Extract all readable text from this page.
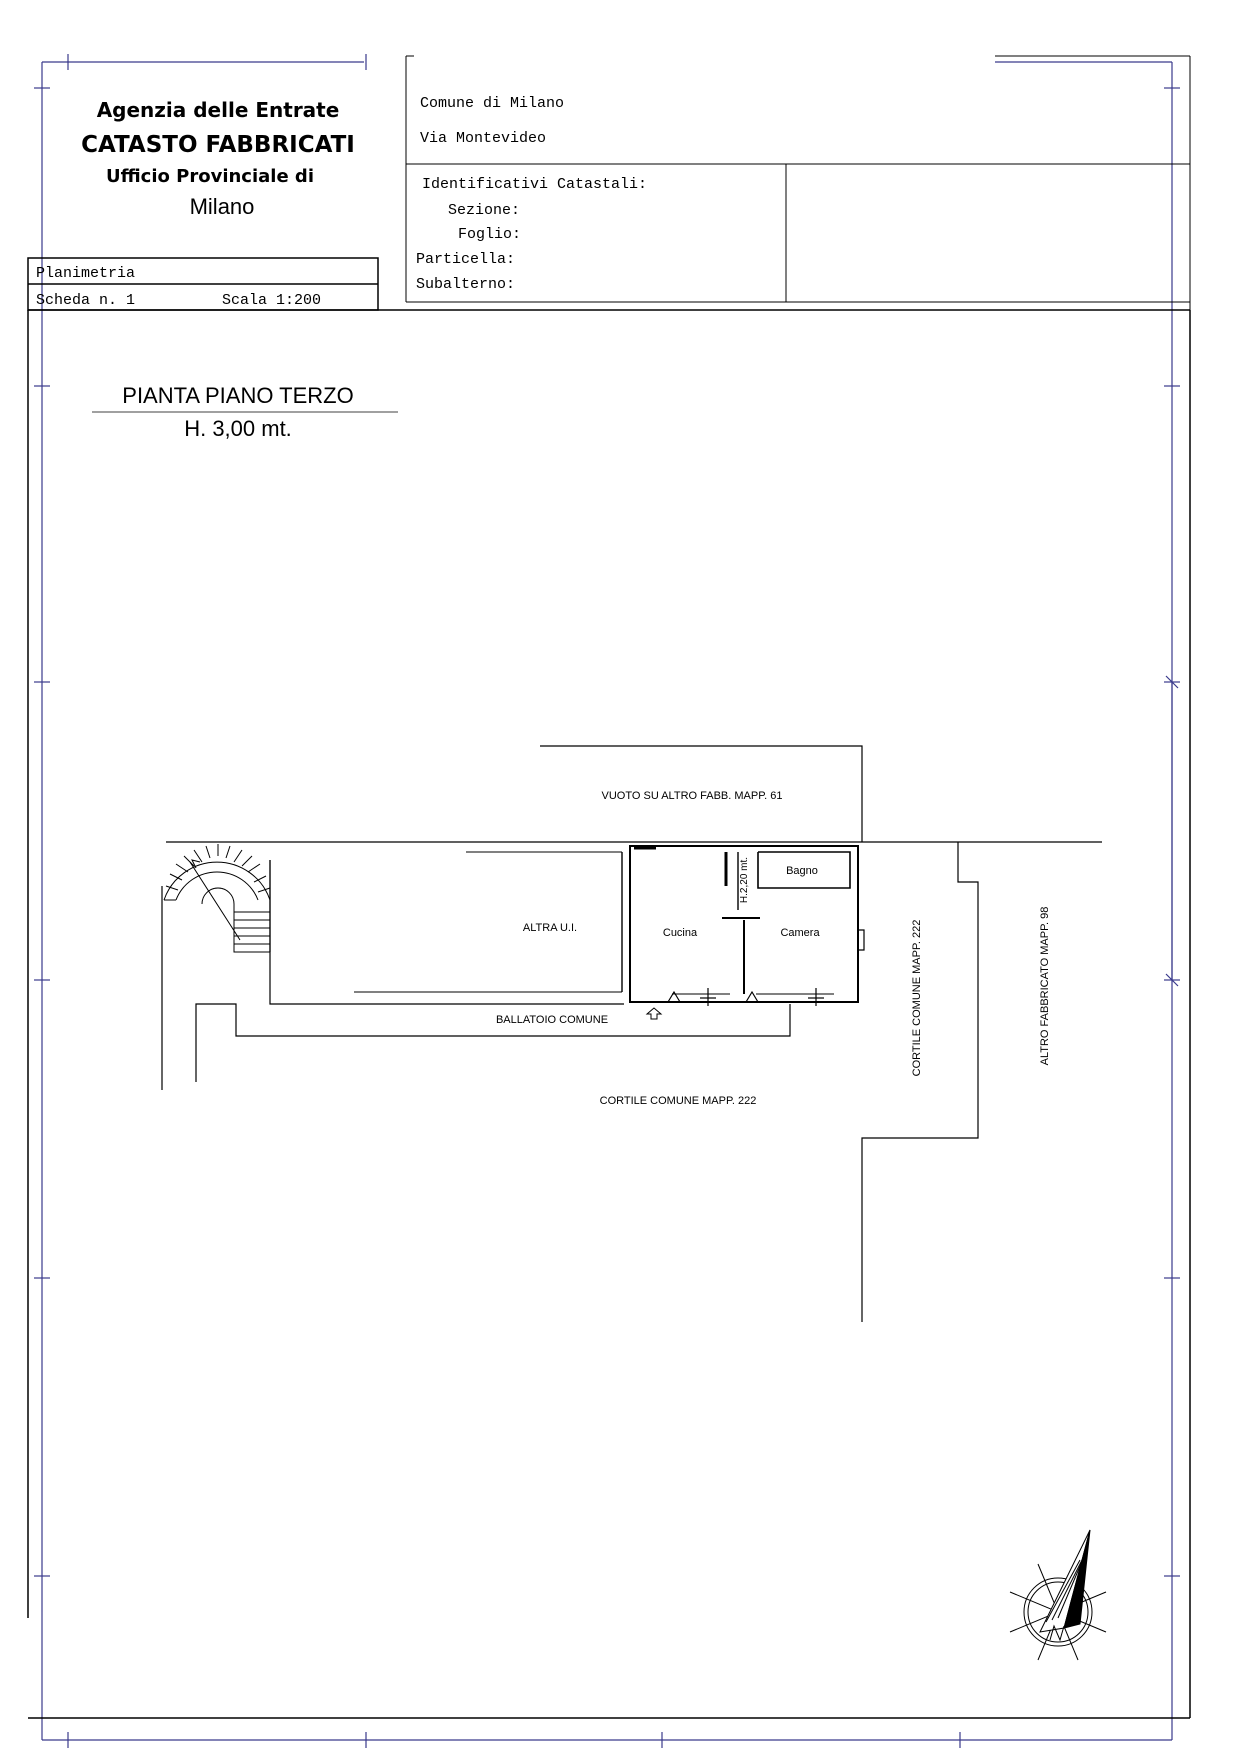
Agenzia delle Entrate
CATASTO FABBRICATI
Ufficio Provinciale di
Milano
Planimetria
Scheda n. 1	Scala 1:200
Comune di Milano
Via Montevideo
Identificativi Catastali:
Sezione:
Foglio:
Particella:
Subalterno:
PIANTA PIANO TERZO
H. 3,00 mt.
VUOTO SU ALTRO FABB. MAPP. 61
ALTRA U.I.	Cucina	Camera
Bagno
H.2,20 mt.
BALLATOIO COMUNE
CORTILE COMUNE MAPP. 222
CORTILE COMUNE MAPP. 222	ALTRO FABBRICATO MAPP. 98
